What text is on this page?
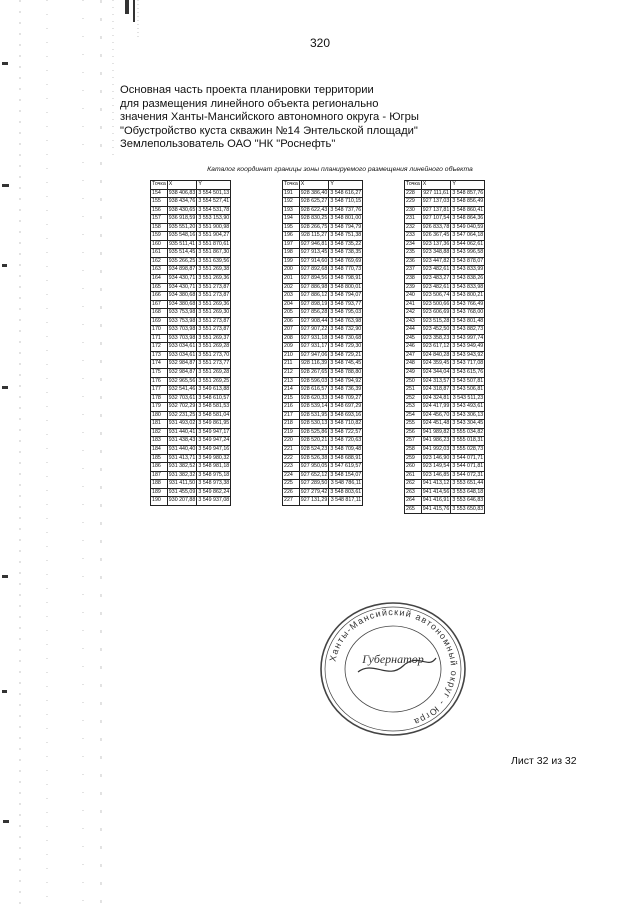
320
Основная часть проекта планировки территории
для размещения линейного объекта регионально
значения Ханты-Мансийского автономного округа - Югры
"Обустройство куста скважин №14 Энтельской площади"
Землепользователь ОАО "НК "Роснефть"
Каталог координат границы зоны планируемого размещения линейного объекта
Точка	X	Y
154	938 406,83	3 554 501,13
155	938 434,76	3 554 527,41
156	938 430,65	3 554 531,78
157	936 918,59	3 553 153,90
158	935 551,20	3 551 900,98
159	935 548,16	3 551 904,27
160	935 511,41	3 551 870,61
161	935 514,45	3 551 867,30
162	935 266,25	3 551 639,56
163	934 898,87	3 551 269,38
164	934 430,71	3 551 269,36
165	934 430,71	3 551 273,87
166	934 380,68	3 551 273,87
167	934 380,68	3 551 269,36
168	933 753,98	3 551 269,30
169	933 753,98	3 551 273,87
170	933 703,98	3 551 273,87
171	933 703,98	3 551 269,37
172	933 034,61	3 551 269,28
173	933 034,61	3 551 273,70
174	932 984,87	3 551 273,77
175	932 984,87	3 551 269,28
176	932 965,56	3 551 269,25
177	932 541,46	3 549 613,88
178	932 703,61	3 548 610,57
179	932 702,29	3 548 581,53
180	932 231,25	3 548 581,04
181	931 493,02	3 549 861,95
182	931 440,41	3 549 947,17
183	931 438,43	3 549 947,24
184	931 440,40	3 549 947,16
185	931 413,71	3 549 980,32
186	931 382,52	3 548 981,18
187	931 382,32	3 548 975,18
188	931 411,50	3 548 973,38
189	931 455,09	3 549 862,24
190	930 207,88	3 549 937,08
Точка	X	Y
191	928 386,40	3 548 616,27
192	928 625,27	3 548 710,15
193	928 622,43	3 548 737,76
194	928 830,25	3 548 801,00
195	928 266,75	3 548 794,79
196	928 115,27	3 548 751,38
197	927 946,81	3 548 735,22
198	927 913,45	3 548 738,35
199	927 914,60	3 548 769,69
200	927 892,68	3 548 770,73
201	927 894,56	3 548 798,91
202	927 886,98	3 548 800,01
203	927 886,12	3 548 794,07
204	927 898,19	3 548 793,77
205	927 856,28	3 548 795,03
206	927 908,44	3 548 763,98
207	927 907,22	3 548 732,90
208	927 931,18	3 548 730,68
209	927 931,17	3 548 729,30
210	927 947,06	3 548 729,21
211	928 116,39	3 548 745,45
212	928 267,65	3 548 788,80
213	928 596,03	3 548 794,92
214	928 616,57	3 548 736,39
215	928 620,33	3 548 709,27
216	928 539,14	3 548 697,29
217	928 531,95	3 548 693,16
218	928 530,13	3 548 710,82
219	928 525,86	3 548 722,57
220	928 520,21	3 548 720,63
221	928 524,23	3 548 709,48
222	928 526,38	3 548 688,91
223	927 950,05	3 547 619,57
224	927 652,12	3 548 154,07
225	927 289,50	3 548 786,11
226	927 279,42	3 548 803,61
227	927 131,29	3 548 817,11
Точка	X	Y
228	927 111,61	3 548 857,76
229	927 137,03	3 548 856,49
230	927 137,81	3 548 860,41
231	927 107,54	3 548 864,36
232	926 833,78	3 549 040,59
233	926 367,45	3 547 064,18
234	923 137,36	3 544 062,61
235	923 348,88	3 543 996,58
236	923 447,82	3 543 878,07
237	923 482,61	3 543 833,99
238	923 483,27	3 543 838,26
239	923 482,61	3 543 833,98
240	923 506,74	3 543 800,21
241	923 500,66	3 543 766,49
242	923 606,69	3 543 768,00
243	923 515,28	3 543 801,48
244	923 452,50	3 543 882,73
245	923 358,23	3 543 997,74
246	923 617,12	3 543 949,49
247	924 840,28	3 543 943,92
248	924 359,45	3 543 717,08
249	924 344,04	3 543 615,76
250	924 313,57	3 543 507,81
251	924 318,87	3 543 506,81
252	924 324,81	3 543 511,23
253	924 417,99	3 543 493,61
254	924 456,70	3 543 306,13
255	924 451,48	3 543 304,45
256	941 989,82	3 555 034,82
257	941 986,23	3 555 018,31
258	941 992,03	3 555 028,73
259	923 146,90	3 544 071,71
260	923 149,54	3 544 071,81
261	923 146,85	3 544 072,31
262	941 413,12	3 553 651,44
263	941 414,56	3 553 648,18
264	941 416,91	3 553 646,83
265	941 415,76	3 553 650,83
Ханты-Мансийский автономный округ - Югра
Губернатор
Лист 32 из 32
